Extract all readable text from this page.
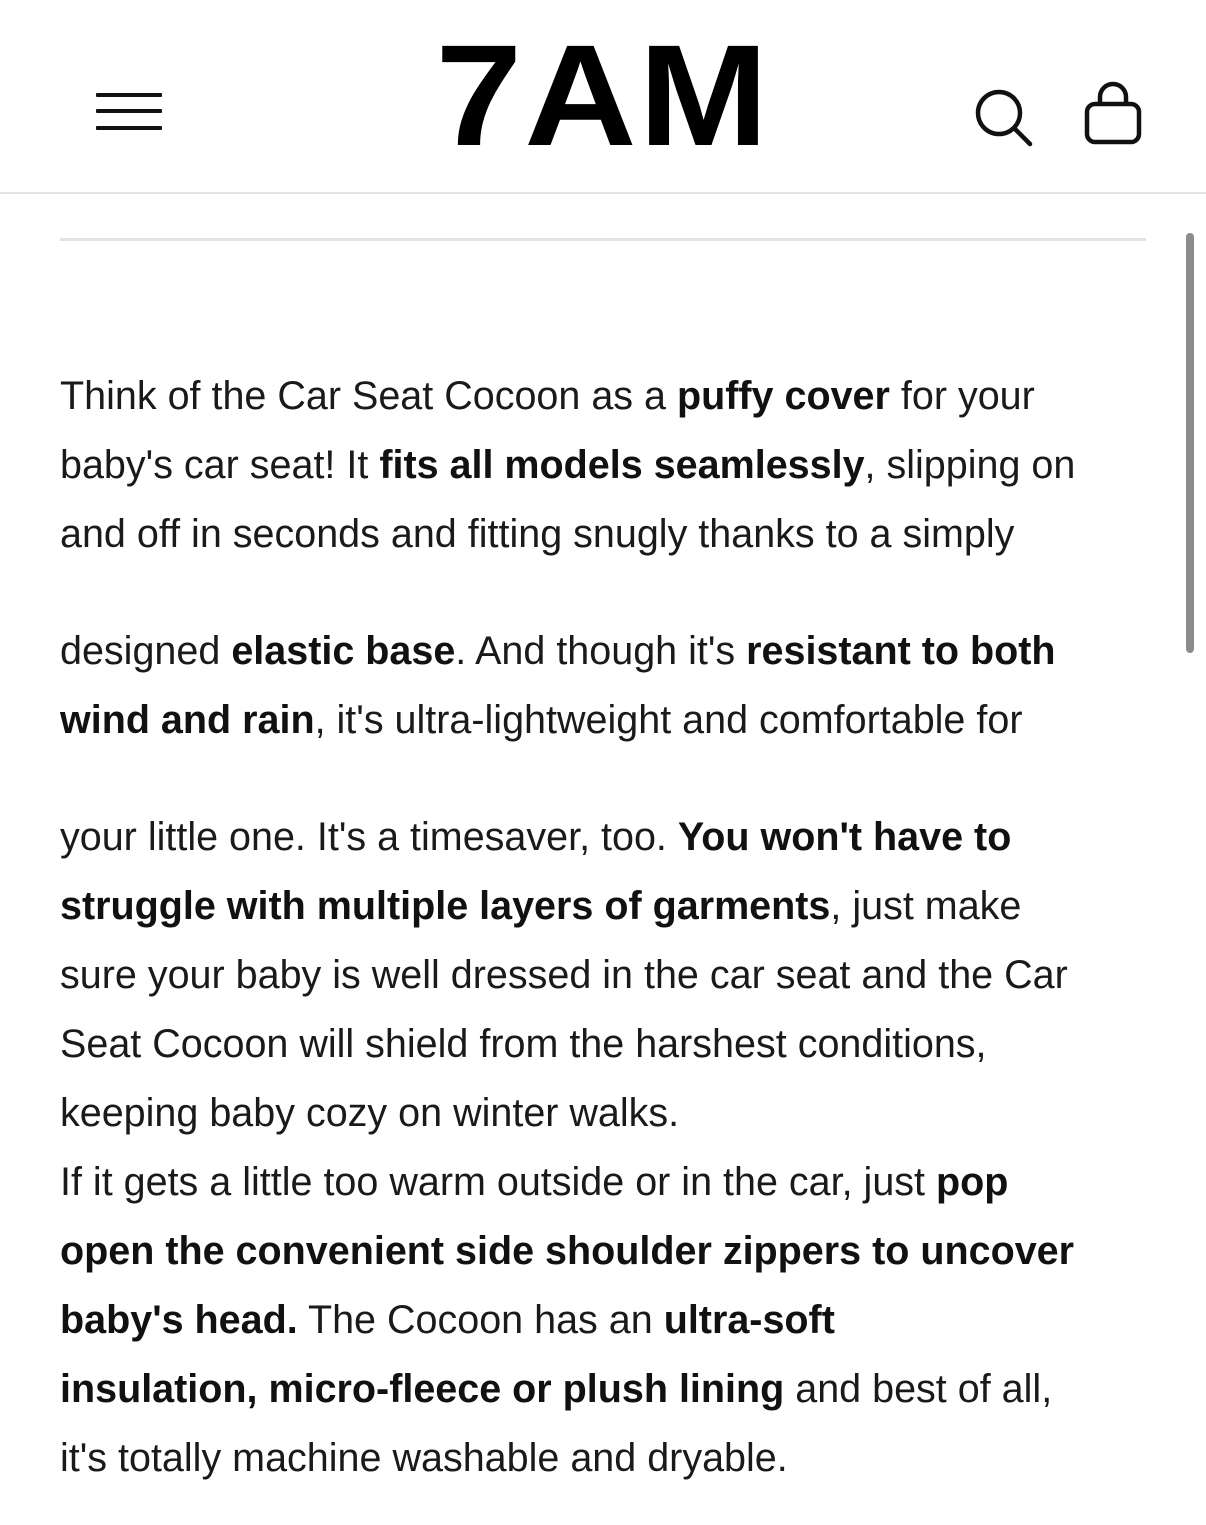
7AM

Think of the Car Seat Cocoon as a puffy cover for your
baby's car seat! It fits all models seamlessly, slipping on
and off in seconds and fitting snugly thanks to a simply

designed elastic base. And though it's resistant to both
wind and rain, it's ultra-lightweight and comfortable for

your little one. It's a timesaver, too. You won't have to
struggle with multiple layers of garments, just make
sure your baby is well dressed in the car seat and the Car
Seat Cocoon will shield from the harshest conditions,
keeping baby cozy on winter walks.
If it gets a little too warm outside or in the car, just pop
open the convenient side shoulder zippers to uncover
baby's head. The Cocoon has an ultra-soft
insulation, micro-fleece or plush lining and best of all,
it's totally machine washable and dryable.
